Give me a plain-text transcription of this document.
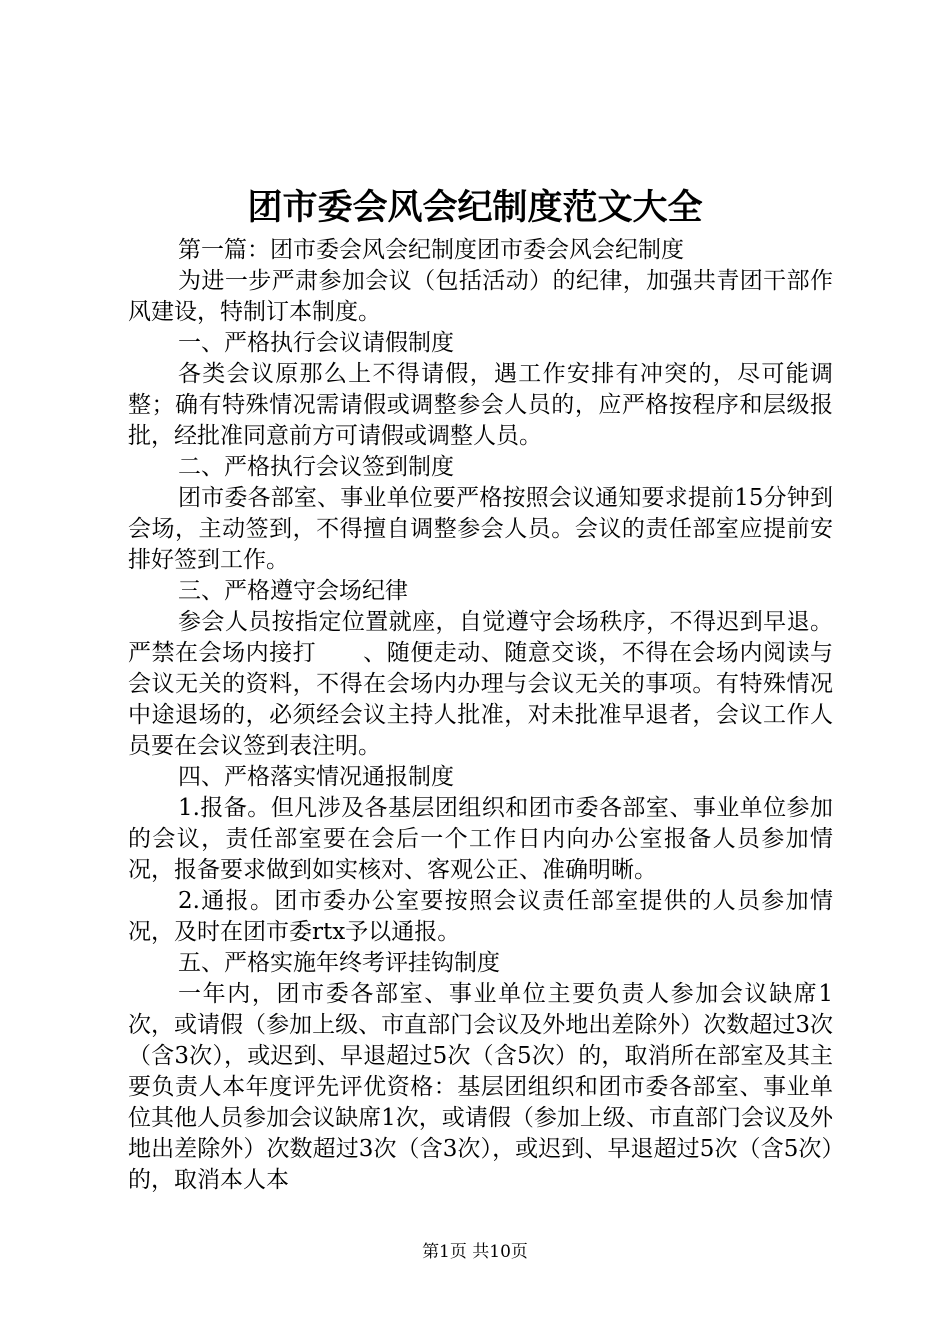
团市委会风会纪制度范文大全

第一篇：团市委会风会纪制度团市委会风会纪制度

为进一步严肃参加会议（包括活动）的纪律，加强共青团干部作风建设，特制订本制度。

一、严格执行会议请假制度

各类会议原那么上不得请假，遇工作安排有冲突的，尽可能调整；确有特殊情况需请假或调整参会人员的，应严格按程序和层级报批，经批准同意前方可请假或调整人员。

二、严格执行会议签到制度

团市委各部室、事业单位要严格按照会议通知要求提前15分钟到会场，主动签到，不得擅自调整参会人员。会议的责任部室应提前安排好签到工作。

三、严格遵守会场纪律

参会人员按指定位置就座，自觉遵守会场秩序，不得迟到早退。严禁在会场内接打　　、随便走动、随意交谈，不得在会场内阅读与会议无关的资料，不得在会场内办理与会议无关的事项。有特殊情况中途退场的，必须经会议主持人批准，对未批准早退者，会议工作人员要在会议签到表注明。

四、严格落实情况通报制度

1.报备。但凡涉及各基层团组织和团市委各部室、事业单位参加的会议，责任部室要在会后一个工作日内向办公室报备人员参加情况，报备要求做到如实核对、客观公正、准确明晰。

2.通报。团市委办公室要按照会议责任部室提供的人员参加情况，及时在团市委rtx予以通报。

五、严格实施年终考评挂钩制度

一年内，团市委各部室、事业单位主要负责人参加会议缺席1次，或请假（参加上级、市直部门会议及外地出差除外）次数超过3次（含3次），或迟到、早退超过5次（含5次）的，取消所在部室及其主要负责人本年度评先评优资格：基层团组织和团市委各部室、事业单位其他人员参加会议缺席1次，或请假（参加上级、市直部门会议及外地出差除外）次数超过3次（含3次），或迟到、早退超过5次（含5次）的，取消本人本

第1页 共10页
